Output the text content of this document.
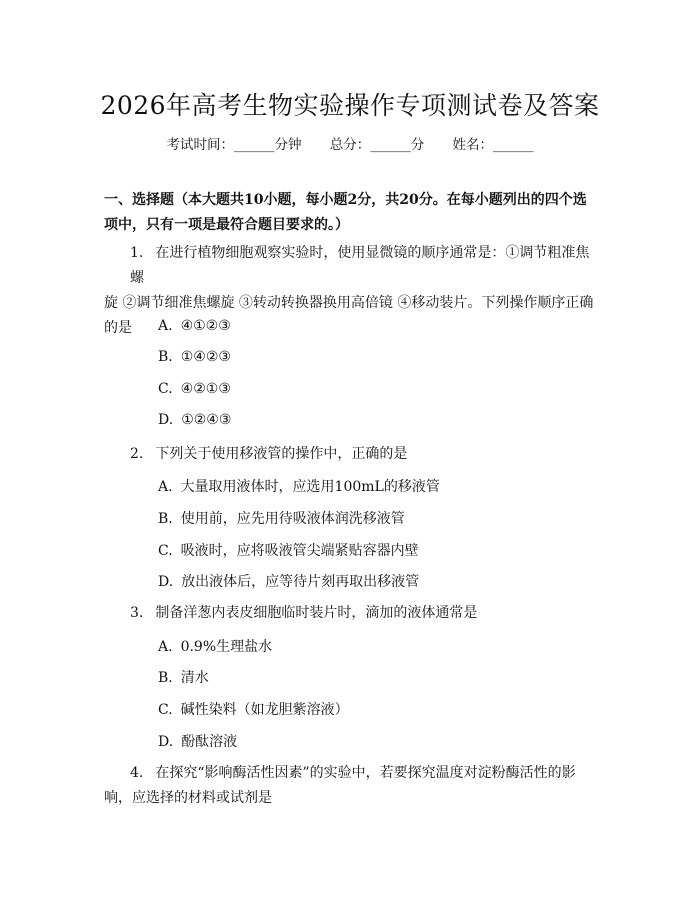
2026年高考生物实验操作专项测试卷及答案
考试时间：______分钟 总分：______分 姓名：______
一、选择题（本大题共10小题，每小题2分，共20分。在每小题列出的四个选
项中，只有一项是最符合题目要求的。）
1. 在进行植物细胞观察实验时，使用显微镜的顺序通常是：①调节粗准焦螺
旋 ②调节细准焦螺旋 ③转动转换器换用高倍镜 ④移动装片。下列操作顺序正确
的是	A. ④①②③
B. ①④②③
C. ④②①③
D. ①②④③
2. 下列关于使用移液管的操作中，正确的是
A. 大量取用液体时，应选用100mL的移液管
B. 使用前，应先用待吸液体润洗移液管
C. 吸液时，应将吸液管尖端紧贴容器内壁
D. 放出液体后，应等待片刻再取出移液管
3. 制备洋葱内表皮细胞临时装片时，滴加的液体通常是
A. 0.9%生理盐水
B. 清水
C. 碱性染料（如龙胆紫溶液）
D. 酚酞溶液
4. 在探究“影响酶活性因素”的实验中，若要探究温度对淀粉酶活性的影
响，应选择的材料或试剂是
